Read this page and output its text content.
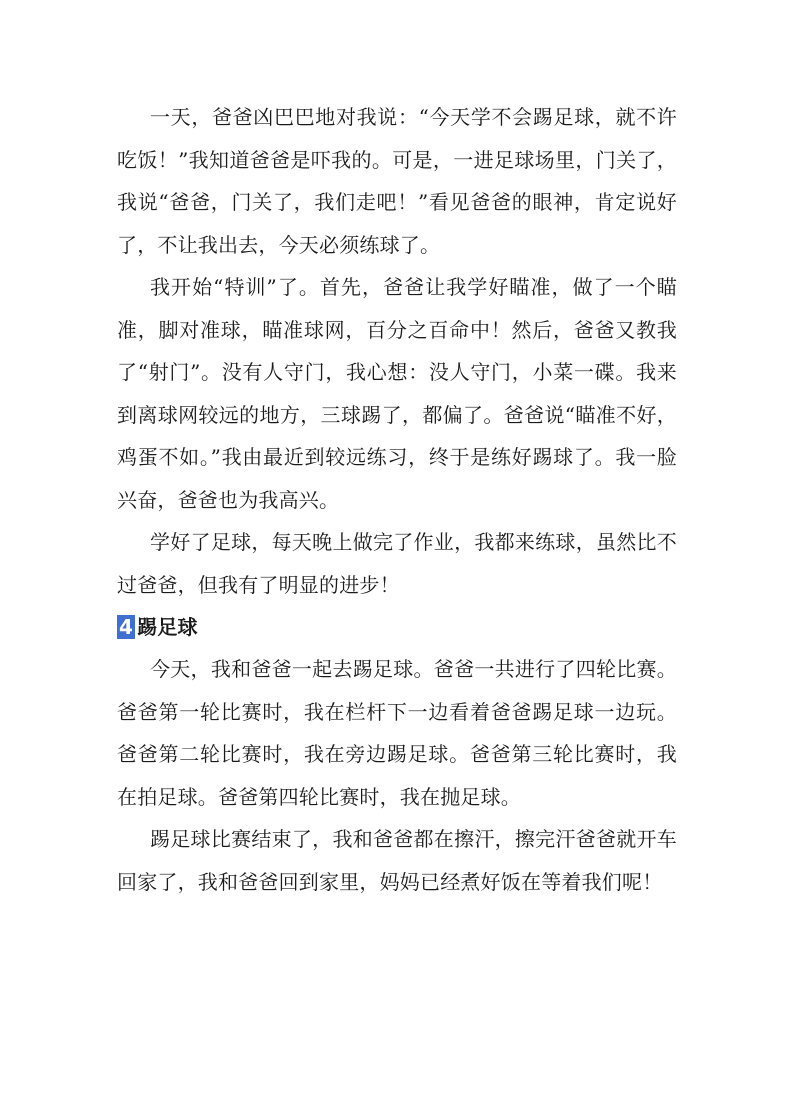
一天，爸爸凶巴巴地对我说：“今天学不会踢足球，就不许吃饭！”我知道爸爸是吓我的。可是，一进足球场里，门关了，我说“爸爸，门关了，我们走吧！”看见爸爸的眼神，肯定说好了，不让我出去，今天必须练球了。

我开始“特训”了。首先，爸爸让我学好瞄准，做了一个瞄准，脚对准球，瞄准球网，百分之百命中！然后，爸爸又教我了“射门”。没有人守门，我心想：没人守门，小菜一碟。我来到离球网较远的地方，三球踢了，都偏了。爸爸说“瞄准不好，鸡蛋不如。”我由最近到较远练习，终于是练好踢球了。我一脸兴奋，爸爸也为我高兴。

学好了足球，每天晚上做完了作业，我都来练球，虽然比不过爸爸，但我有了明显的进步！

4 踢足球

今天，我和爸爸一起去踢足球。爸爸一共进行了四轮比赛。爸爸第一轮比赛时，我在栏杆下一边看着爸爸踢足球一边玩。爸爸第二轮比赛时，我在旁边踢足球。爸爸第三轮比赛时，我在拍足球。爸爸第四轮比赛时，我在抛足球。

踢足球比赛结束了，我和爸爸都在擦汗，擦完汗爸爸就开车回家了，我和爸爸回到家里，妈妈已经煮好饭在等着我们呢！
